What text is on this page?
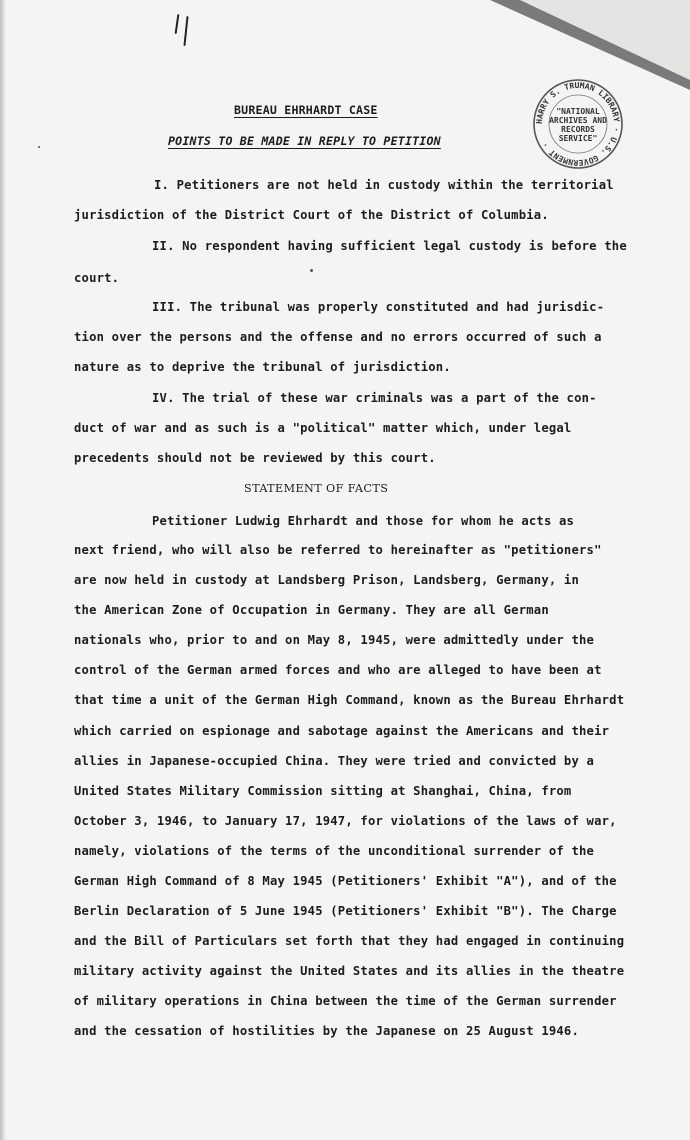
HARRY S. TRUMAN LIBRARY · U.S. GOVERNMENT ·
"NATIONAL
ARCHIVES AND
RECORDS
SERVICE"
BUREAU EHRHARDT CASE
POINTS TO BE MADE IN REPLY TO PETITION
I. Petitioners are not held in custody within the territorial
jurisdiction of the District Court of the District of Columbia.
II. No respondent having sufficient legal custody is before the
court.
III. The tribunal was properly constituted and had jurisdic-
tion over the persons and the offense and no errors occurred of such a
nature as to deprive the tribunal of jurisdiction.
IV. The trial of these war criminals was a part of the con-
duct of war and as such is a "political" matter which, under legal
precedents should not be reviewed by this court.
STATEMENT OF FACTS
Petitioner Ludwig Ehrhardt and those for whom he acts as
next friend, who will also be referred to hereinafter as "petitioners"
are now held in custody at Landsberg Prison, Landsberg, Germany, in
the American Zone of Occupation in Germany. They are all German
nationals who, prior to and on May 8, 1945, were admittedly under the
control of the German armed forces and who are alleged to have been at
that time a unit of the German High Command, known as the Bureau Ehrhardt
which carried on espionage and sabotage against the Americans and their
allies in Japanese-occupied China. They were tried and convicted by a
United States Military Commission sitting at Shanghai, China, from
October 3, 1946, to January 17, 1947, for violations of the laws of war,
namely, violations of the terms of the unconditional surrender of the
German High Command of 8 May 1945 (Petitioners' Exhibit "A"), and of the
Berlin Declaration of 5 June 1945 (Petitioners' Exhibit "B"). The Charge
and the Bill of Particulars set forth that they had engaged in continuing
military activity against the United States and its allies in the theatre
of military operations in China between the time of the German surrender
and the cessation of hostilities by the Japanese on 25 August 1946.
